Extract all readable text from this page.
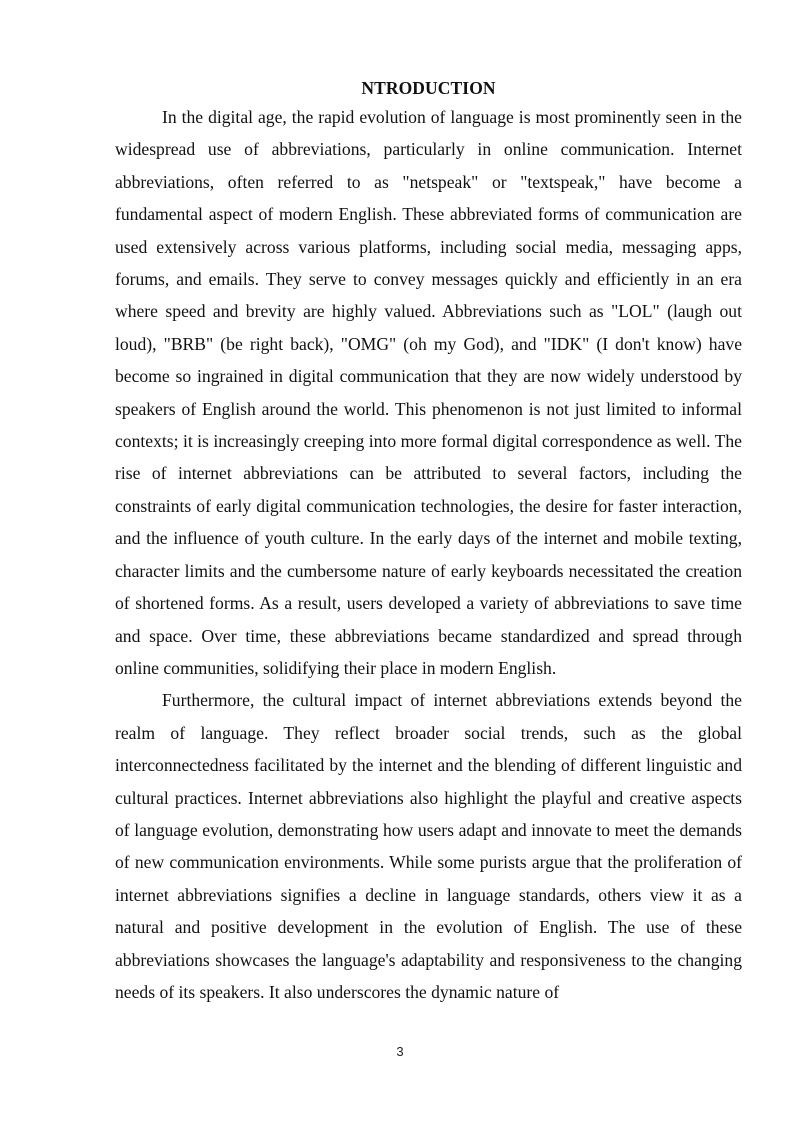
NTRODUCTION

In the digital age, the rapid evolution of language is most prominently seen in the widespread use of abbreviations, particularly in online communication. Internet abbreviations, often referred to as "netspeak" or "textspeak," have become a fundamental aspect of modern English. These abbreviated forms of communication are used extensively across various platforms, including social media, messaging apps, forums, and emails. They serve to convey messages quickly and efficiently in an era where speed and brevity are highly valued. Abbreviations such as "LOL" (laugh out loud), "BRB" (be right back), "OMG" (oh my God), and "IDK" (I don't know) have become so ingrained in digital communication that they are now widely understood by speakers of English around the world. This phenomenon is not just limited to informal contexts; it is increasingly creeping into more formal digital correspondence as well. The rise of internet abbreviations can be attributed to several factors, including the constraints of early digital communication technologies, the desire for faster interaction, and the influence of youth culture. In the early days of the internet and mobile texting, character limits and the cumbersome nature of early keyboards necessitated the creation of shortened forms. As a result, users developed a variety of abbreviations to save time and space. Over time, these abbreviations became standardized and spread through online communities, solidifying their place in modern English.

Furthermore, the cultural impact of internet abbreviations extends beyond the realm of language. They reflect broader social trends, such as the global interconnectedness facilitated by the internet and the blending of different linguistic and cultural practices. Internet abbreviations also highlight the playful and creative aspects of language evolution, demonstrating how users adapt and innovate to meet the demands of new communication environments. While some purists argue that the proliferation of internet abbreviations signifies a decline in language standards, others view it as a natural and positive development in the evolution of English. The use of these abbreviations showcases the language's adaptability and responsiveness to the changing needs of its speakers. It also underscores the dynamic nature of

3
